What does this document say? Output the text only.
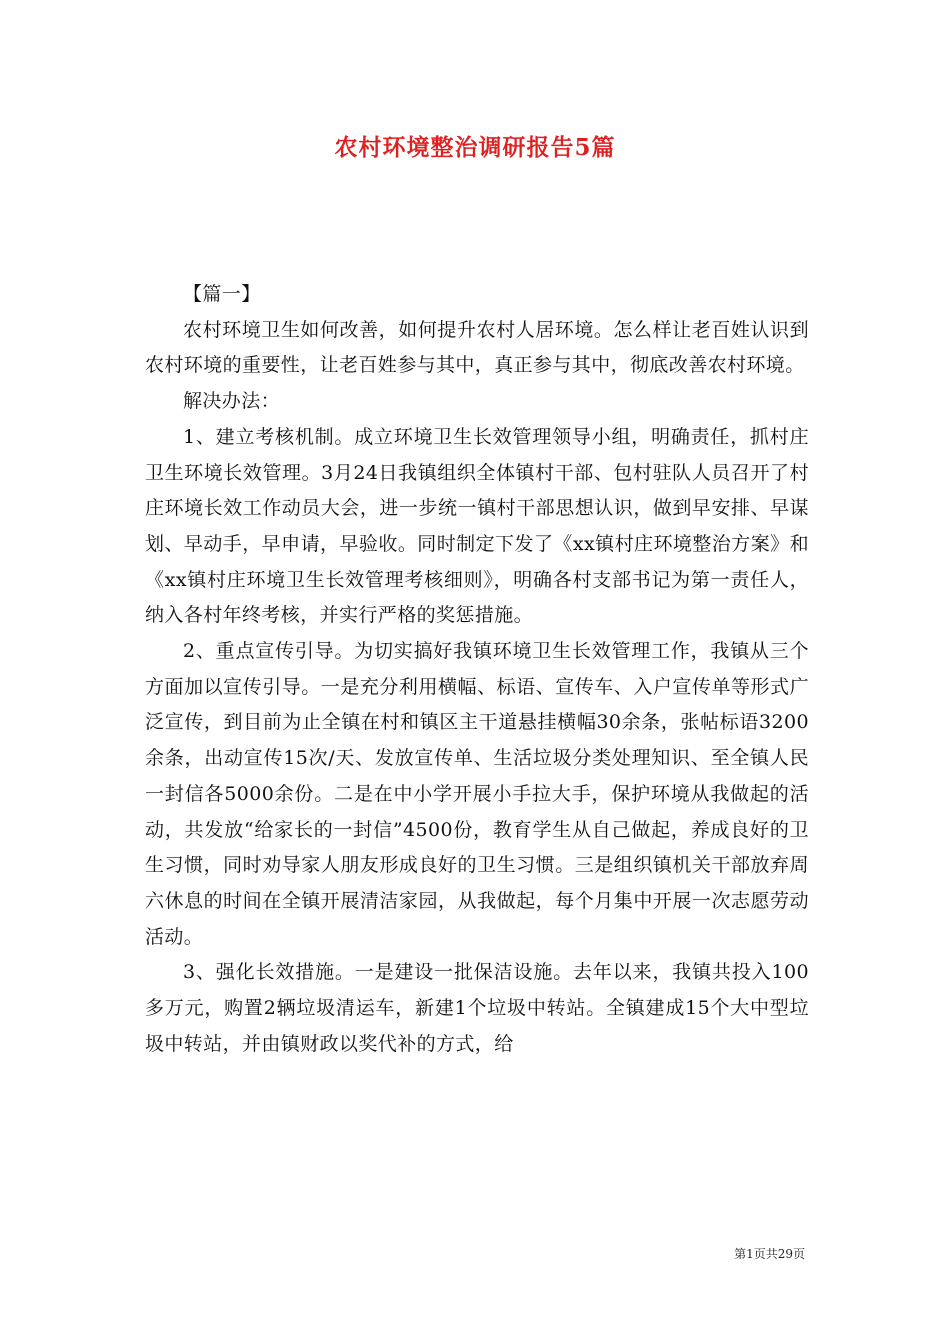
农村环境整治调研报告5篇

【篇一】

农村环境卫生如何改善，如何提升农村人居环境。怎么样让老百姓认识到农村环境的重要性，让老百姓参与其中，真正参与其中，彻底改善农村环境。

解决办法：

1、建立考核机制。成立环境卫生长效管理领导小组，明确责任，抓村庄卫生环境长效管理。3月24日我镇组织全体镇村干部、包村驻队人员召开了村庄环境长效工作动员大会，进一步统一镇村干部思想认识，做到早安排、早谋划、早动手，早申请，早验收。同时制定下发了《xx镇村庄环境整治方案》和《xx镇村庄环境卫生长效管理考核细则》，明确各村支部书记为第一责任人，纳入各村年终考核，并实行严格的奖惩措施。

2、重点宣传引导。为切实搞好我镇环境卫生长效管理工作，我镇从三个方面加以宣传引导。一是充分利用横幅、标语、宣传车、入户宣传单等形式广泛宣传，到目前为止全镇在村和镇区主干道悬挂横幅30余条，张帖标语3200余条，出动宣传15次/天、发放宣传单、生活垃圾分类处理知识、至全镇人民一封信各5000余份。二是在中小学开展小手拉大手，保护环境从我做起的活动，共发放“给家长的一封信”4500份，教育学生从自己做起，养成良好的卫生习惯，同时劝导家人朋友形成良好的卫生习惯。三是组织镇机关干部放弃周六休息的时间在全镇开展清洁家园，从我做起，每个月集中开展一次志愿劳动活动。

3、强化长效措施。一是建设一批保洁设施。去年以来，我镇共投入100多万元，购置2辆垃圾清运车，新建1个垃圾中转站。全镇建成15个大中型垃圾中转站，并由镇财政以奖代补的方式，给

第1页共29页
